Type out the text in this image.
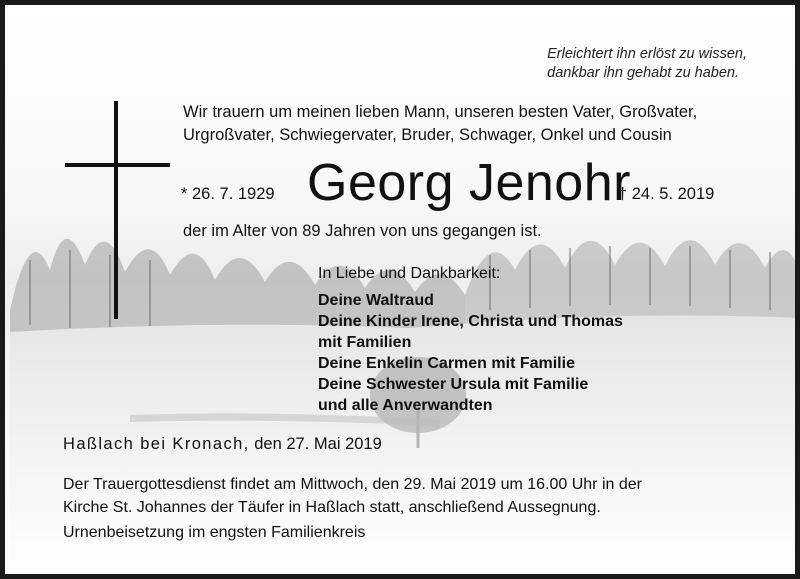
Erleichtert ihn erlöst zu wissen,
dankbar ihn gehabt zu haben.
Wir trauern um meinen lieben Mann, unseren besten Vater, Großvater,
Urgroßvater, Schwiegervater, Bruder, Schwager, Onkel und Cousin
* 26. 7. 1929 Georg Jenohr
† 24. 5. 2019
der im Alter von 89 Jahren von uns gegangen ist.
In Liebe und Dankbarkeit:
Deine Waltraud
Deine Kinder Irene, Christa und Thomas
mit Familien
Deine Enkelin Carmen mit Familie
Deine Schwester Ursula mit Familie
und alle Anverwandten
Haßlach bei Kronach, den 27. Mai 2019
Der Trauergottesdienst findet am Mittwoch, den 29. Mai 2019 um 16.00 Uhr in der
Kirche St. Johannes der Täufer in Haßlach statt, anschließend Aussegnung.
Urnenbeisetzung im engsten Familienkreis
